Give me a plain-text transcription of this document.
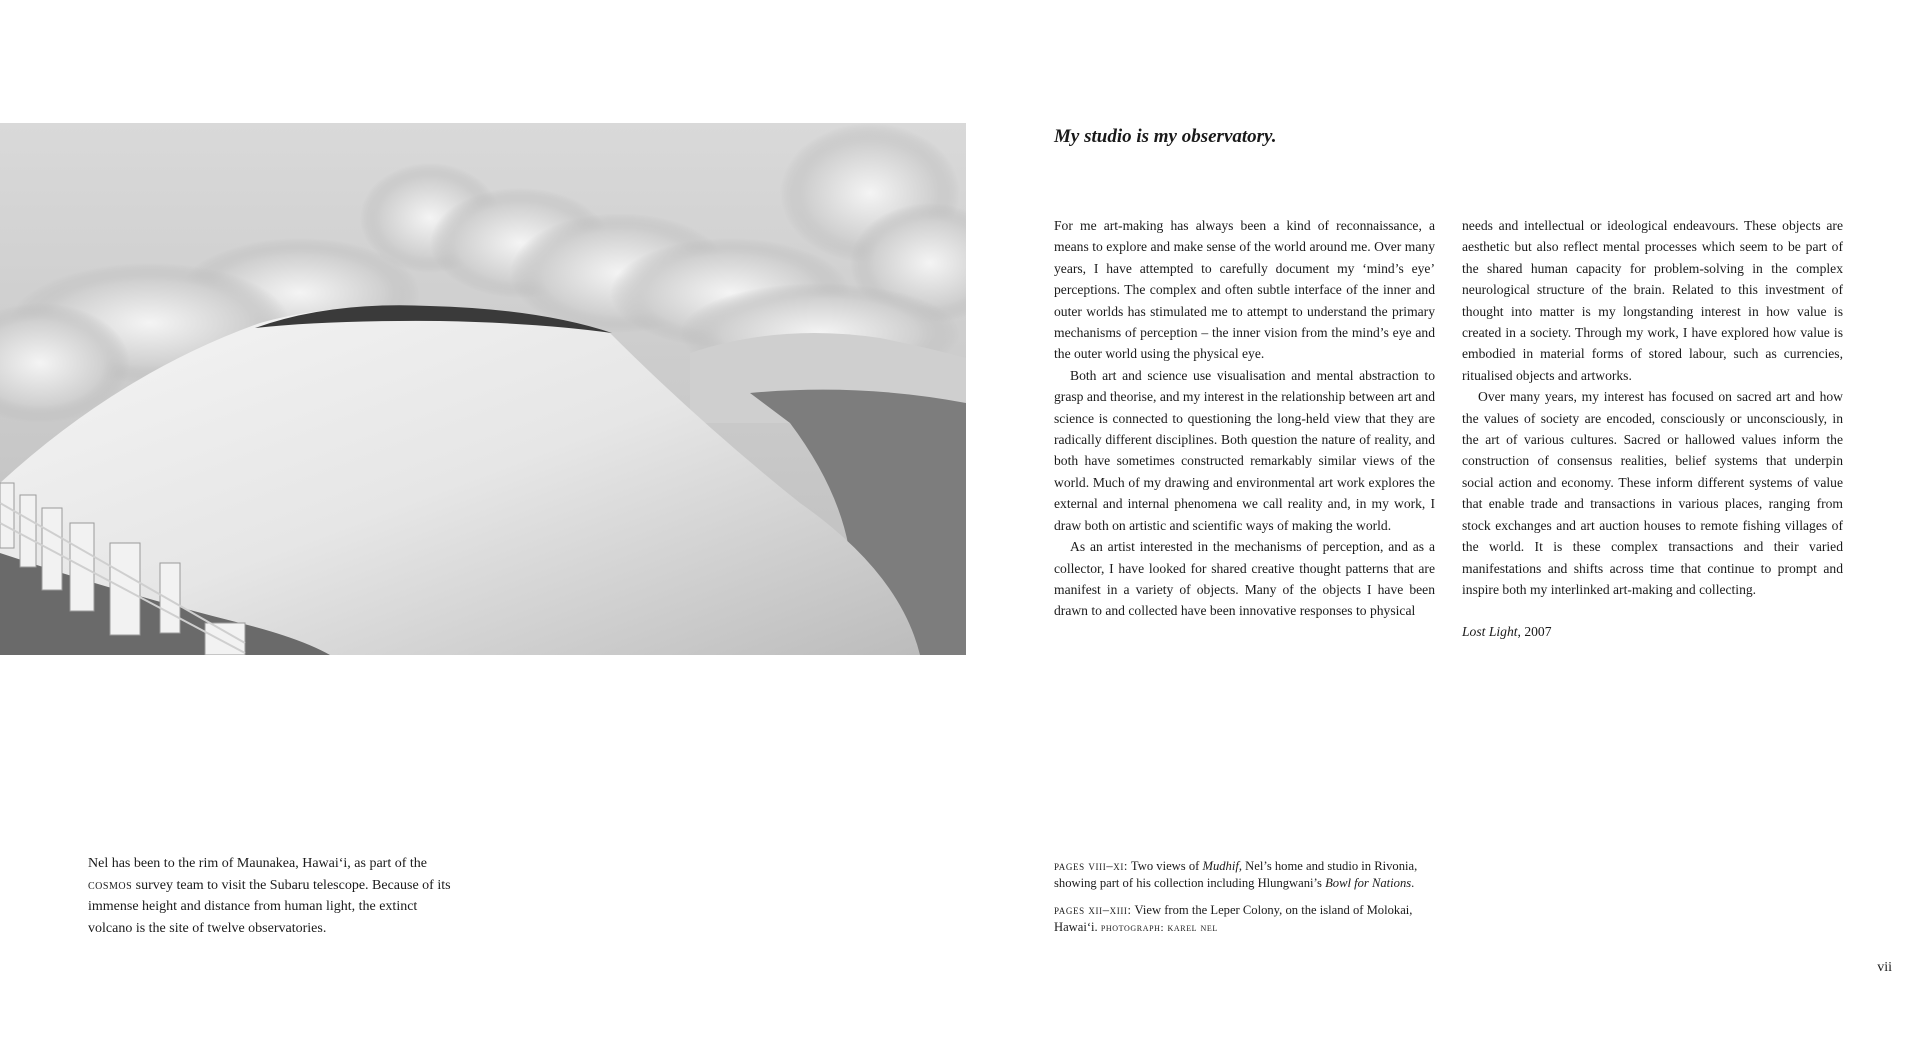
Nel has been to the rim of Maunakea, Hawai‘i, as part of the cosmos survey team to visit the Subaru telescope. Because of its immense height and distance from human light, the extinct volcano is the site of twelve observatories.

My studio is my observatory.

For me art-making has always been a kind of reconnaissance, a means to explore and make sense of the world around me. Over many years, I have attempted to carefully document my ‘mind’s eye’ perceptions. The complex and often subtle interface of the inner and outer worlds has stimulated me to attempt to understand the primary mechanisms of perception – the inner vision from the mind’s eye and the outer world using the physical eye.

Both art and science use visualisation and mental abstraction to grasp and theorise, and my interest in the relationship between art and science is connected to questioning the long-held view that they are radically different disciplines. Both question the nature of reality, and both have sometimes constructed remarkably similar views of the world. Much of my drawing and environmental art work explores the external and internal phenomena we call reality and, in my work, I draw both on artistic and scientific ways of making the world.

As an artist interested in the mechanisms of perception, and as a collector, I have looked for shared creative thought patterns that are manifest in a variety of objects. Many of the objects I have been drawn to and collected have been innovative responses to physical

needs and intellectual or ideological endeavours. These objects are aesthetic but also reflect mental processes which seem to be part of the shared human capacity for problem-solving in the complex neurological structure of the brain. Related to this investment of thought into matter is my longstanding interest in how value is created in a society. Through my work, I have explored how value is embodied in material forms of stored labour, such as currencies, ritualised objects and artworks.

Over many years, my interest has focused on sacred art and how the values of society are encoded, consciously or unconsciously, in the art of various cultures. Sacred or hallowed values inform the construction of consensus realities, belief systems that underpin social action and economy. These inform different systems of value that enable trade and transactions in various places, ranging from stock exchanges and art auction houses to remote fishing villages of the world. It is these complex transactions and their varied manifestations and shifts across time that continue to prompt and inspire both my interlinked art-making and collecting.

Lost Light, 2007

pages viii–xi: Two views of Mudhif, Nel’s home and studio in Rivonia, showing part of his collection including Hlungwani’s Bowl for Nations.

pages xii–xiii: View from the Leper Colony, on the island of Molokai, Hawai‘i. photograph: karel nel

vii
